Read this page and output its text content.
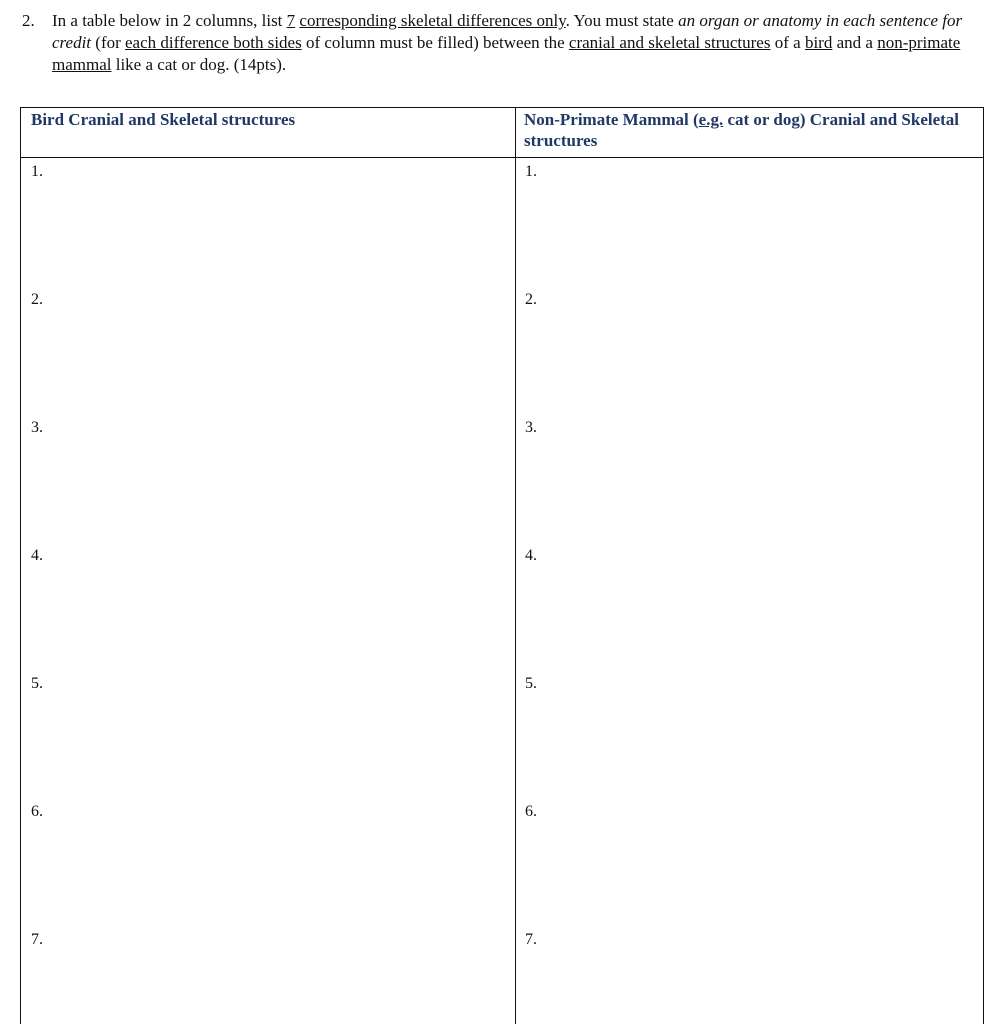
2. In a table below in 2 columns, list 7 corresponding skeletal differences only. You must state an organ or anatomy in each sentence for credit (for each difference both sides of column must be filled) between the cranial and skeletal structures of a bird and a non-primate mammal like a cat or dog. (14pts).
Bird Cranial and Skeletal structures	Non-Primate Mammal (e.g. cat or dog) Cranial and Skeletal structures
1.	1.
2.	2.
3.	3.
4.	4.
5.	5.
6.	6.
7.	7.
